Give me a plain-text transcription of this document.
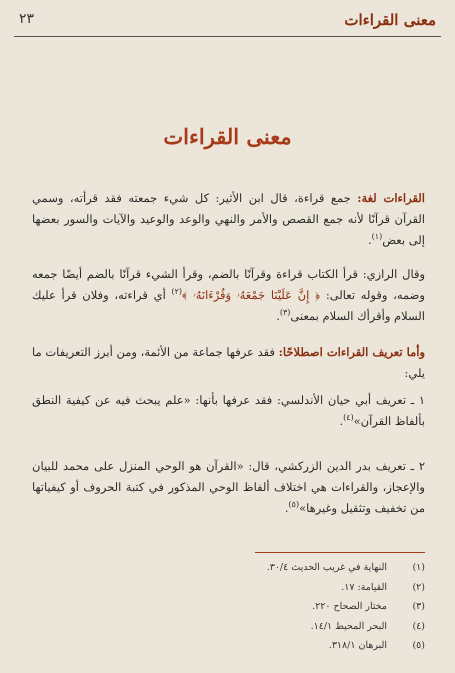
معنى القراءات
٢٣
معنى القراءات

القراءات لغة: جمع قراءة، قال ابن الأثير: كل شيء جمعته فقد قرأته، وسمي القرآن قرآنًا لأنه جمع القصص والأمر والنهي والوعد والوعيد والآيات والسور بعضها إلى بعض$^{(١)}$.

وقال الرازي: قرأ الكتاب قراءة وقرآنًا بالضم، وقرأ الشيء قرآنًا بالضم أيضًا جمعه وضمه، وقوله تعالى: ﴿ إِنَّ عَلَيْنَا جَمْعَهُۥ وَقُرْءَانَهُۥ ﴾$^{(٢)}$ أي قراءته، وفلان قرأ عليك السلام وأقرأك السلام بمعنى$^{(٣)}$.

وأما تعريف القراءات اصطلاحًا: فقد عرفها جماعة من الأئمة، ومن أبرز التعريفات ما يلي:

١ ـ تعريف أبي حيان الأندلسي: فقد عرفها بأنها: «علم يبحث فيه عن كيفية النطق بألفاظ القرآن»$^{(٤)}$.

٢ ـ تعريف بدر الدين الزركشي، قال: «القرآن هو الوحي المنزل على محمد للبيان والإعجاز، والقراءات هي اختلاف ألفاظ الوحي المذكور في كتبة الحروف أو كيفياتها من تخفيف وتثقيل وغيرها»$^{(٥)}$.

(١)
النهاية في غريب الحديث ٣٠/٤.
(٢)
القيامة: ١٧.
(٣)
مختار الصحاح ٢٢٠.
(٤)
البحر المحيط ١٤/١.
(٥)
البرهان ٣١٨/١.
